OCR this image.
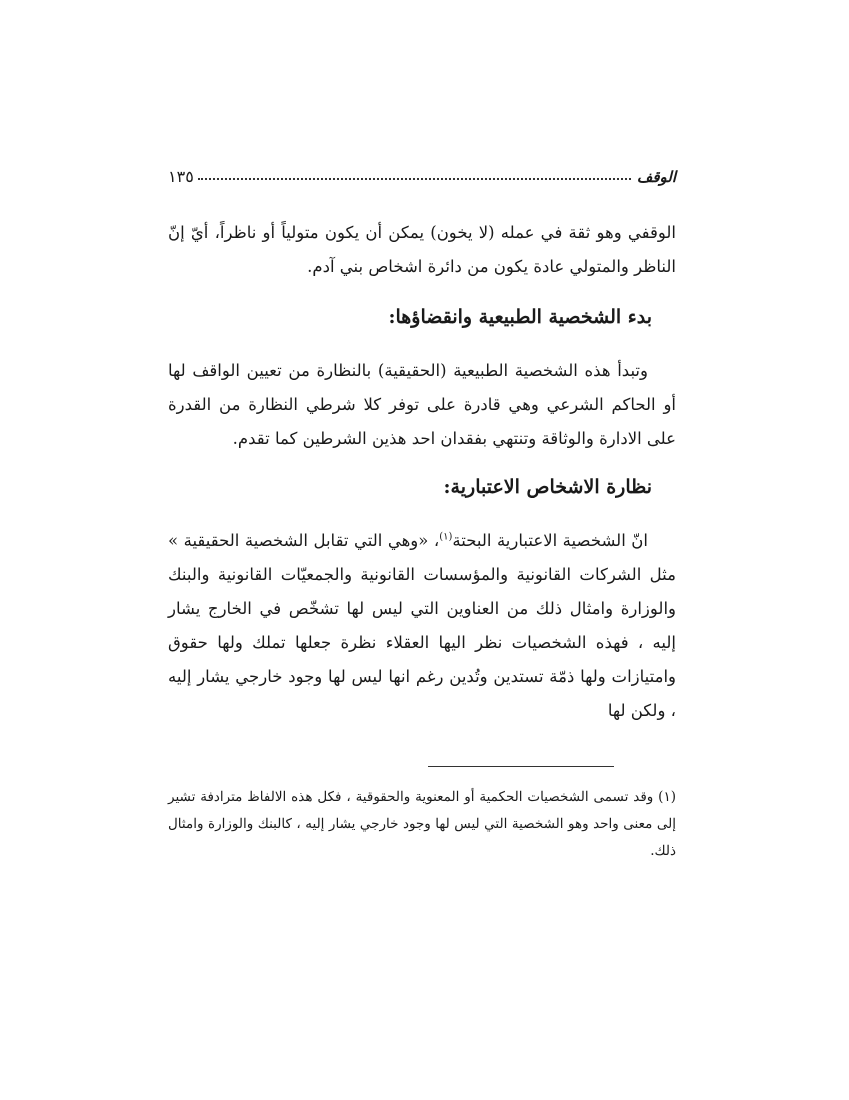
الوقف
١٣٥

الوقفي وهو ثقة في عمله (لا يخون) يمكن أن يكون متولياً أو ناظراً، أيّ إنّ الناظر والمتولي عادة يكون من دائرة اشخاص بني آدم.

بدء الشخصية الطبيعية وانقضاؤها:

وتبدأ هذه الشخصية الطبيعية (الحقيقية) بالنظارة من تعيين الواقف لها أو الحاكم الشرعي وهي قادرة على توفر كلا شرطي النظارة من القدرة على الادارة والوثاقة وتنتهي بفقدان احد هذين الشرطين كما تقدم.

نظارة الاشخاص الاعتبارية:

انّ الشخصية الاعتبارية البحتة$^{(١)}$، «وهي التي تقابل الشخصية الحقيقية » مثل الشركات القانونية والمؤسسات القانونية والجمعيّات القانونية والبنك والوزارة وامثال ذلك من العناوين التي ليس لها تشخّص في الخارج يشار إليه ، فهذه الشخصيات نظر اليها العقلاء نظرة جعلها تملك ولها حقوق وامتيازات ولها ذمّة تستدين وتُدين رغم انها ليس لها وجود خارجي يشار إليه ، ولكن لها

(١) وقد تسمى الشخصيات الحكمية أو المعنوية والحقوقية ، فكل هذه الالفاظ مترادفة تشير إلى معنى واحد وهو الشخصية التي ليس لها وجود خارجي يشار إليه ، كالبنك والوزارة وامثال ذلك.
